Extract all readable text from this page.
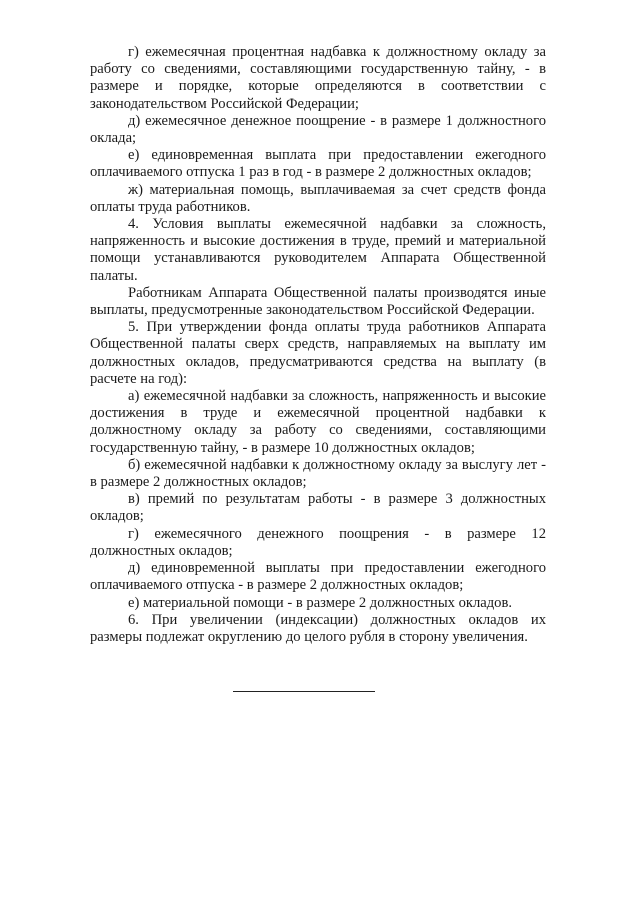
г) ежемесячная процентная надбавка к должностному окладу за работу со сведениями, составляющими государственную тайну, - в размере и порядке, которые определяются в соответствии с законодательством Российской Федерации;

д) ежемесячное денежное поощрение - в размере 1 должностного оклада;

е) единовременная выплата при предоставлении ежегодного оплачиваемого отпуска 1 раз в год - в размере 2 должностных окладов;

ж) материальная помощь, выплачиваемая за счет средств фонда оплаты труда работников.

4. Условия выплаты ежемесячной надбавки за сложность, напряженность и высокие достижения в труде, премий и материальной помощи устанавливаются руководителем Аппарата Общественной палаты.

Работникам Аппарата Общественной палаты производятся иные выплаты, предусмотренные законодательством Российской Федерации.

5. При утверждении фонда оплаты труда работников Аппарата Общественной палаты сверх средств, направляемых на выплату им должностных окладов, предусматриваются средства на выплату (в расчете на год):

а) ежемесячной надбавки за сложность, напряженность и высокие достижения в труде и ежемесячной процентной надбавки к должностному окладу за работу со сведениями, составляющими государственную тайну, - в размере 10 должностных окладов;

б) ежемесячной надбавки к должностному окладу за выслугу лет - в размере 2 должностных окладов;

в) премий по результатам работы - в размере 3 должностных окладов;

г) ежемесячного денежного поощрения - в размере 12 должностных окладов;

д) единовременной выплаты при предоставлении ежегодного оплачиваемого отпуска - в размере 2 должностных окладов;

е) материальной помощи - в размере 2 должностных окладов.

6. При увеличении (индексации) должностных окладов их размеры подлежат округлению до целого рубля в сторону увеличения.
